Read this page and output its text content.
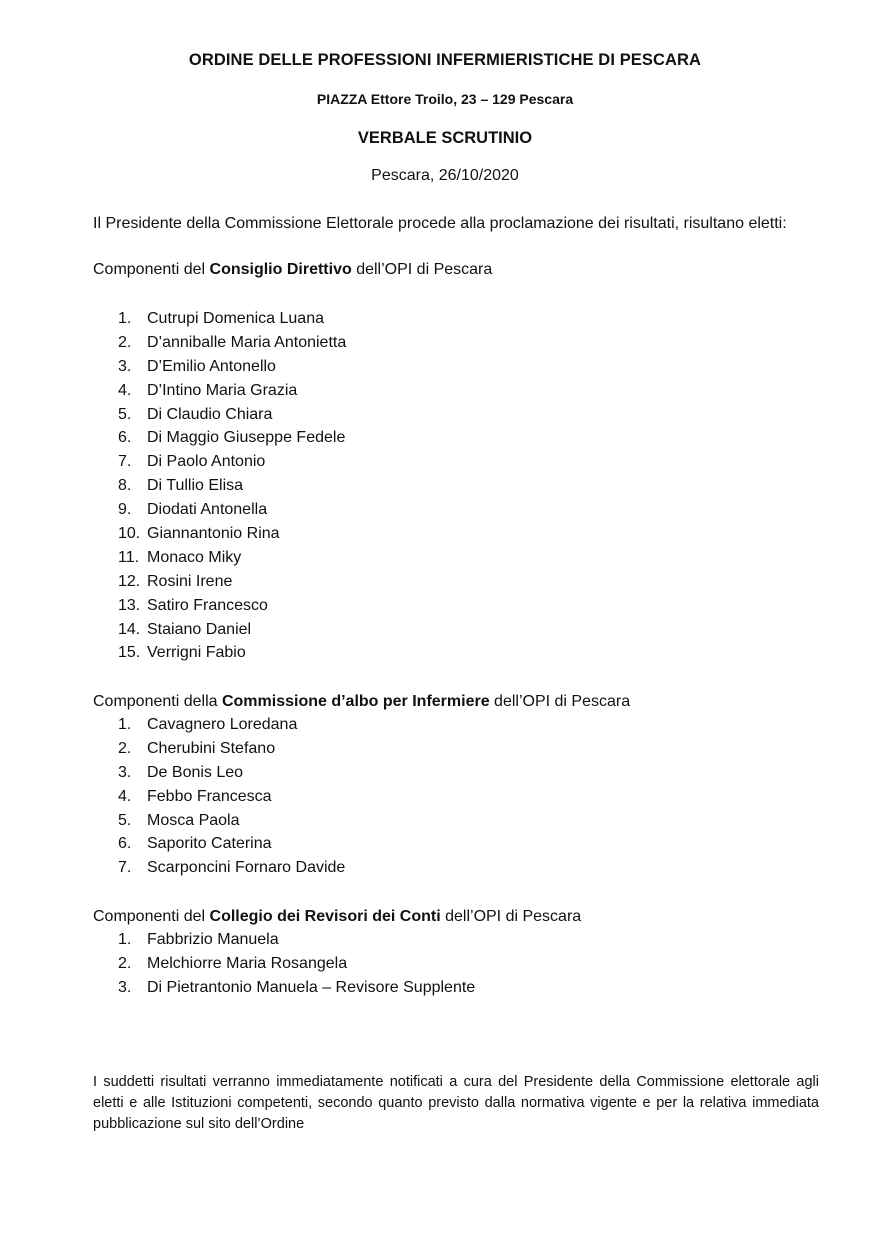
ORDINE DELLE PROFESSIONI INFERMIERISTICHE DI PESCARA
PIAZZA Ettore Troilo, 23 – 129 Pescara
VERBALE SCRUTINIO
Pescara, 26/10/2020
Il Presidente della Commissione Elettorale procede alla proclamazione dei risultati, risultano eletti:
Componenti del Consiglio Direttivo dell’OPI di Pescara
1. Cutrupi Domenica Luana
2. D’anniballe Maria Antonietta
3. D’Emilio Antonello
4. D’Intino Maria Grazia
5. Di Claudio Chiara
6. Di Maggio Giuseppe Fedele
7. Di Paolo Antonio
8. Di Tullio Elisa
9. Diodati Antonella
10. Giannantonio Rina
11. Monaco Miky
12. Rosini Irene
13. Satiro Francesco
14. Staiano Daniel
15. Verrigni Fabio
Componenti della Commissione d’albo per Infermiere dell’OPI di Pescara
1. Cavagnero Loredana
2. Cherubini Stefano
3. De Bonis Leo
4. Febbo Francesca
5. Mosca Paola
6. Saporito Caterina
7. Scarponcini Fornaro Davide
Componenti del Collegio dei Revisori dei Conti dell’OPI di Pescara
1. Fabbrizio Manuela
2. Melchiorre Maria Rosangela
3. Di Pietrantonio Manuela – Revisore Supplente
I suddetti risultati verranno immediatamente notificati a cura del Presidente della Commissione elettorale agli eletti e alle Istituzioni competenti, secondo quanto previsto dalla normativa vigente e per la relativa immediata pubblicazione sul sito dell’Ordine
